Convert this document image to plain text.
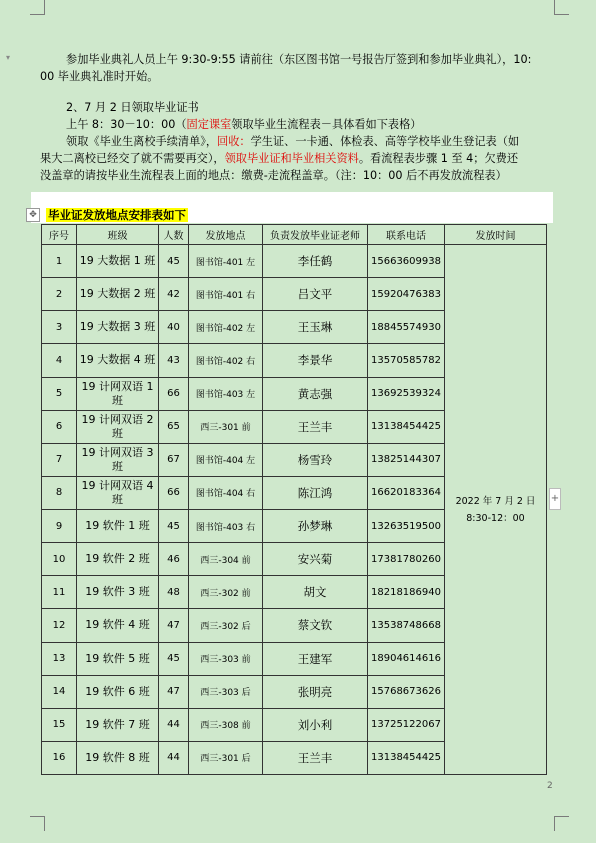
▾	参加毕业典礼人员上午 9:30-9:55 请前往（东区图书馆一号报告厅签到和参加毕业典礼），10:
00 毕业典礼准时开始。
2、7 月 2 日领取毕业证书
上午 8：30－10：00（固定课室领取毕业生流程表－具体看如下表格）
领取《毕业生离校手续清单》，回收：学生证、一卡通、体检表、高等学校毕业生登记表（如
果大二离校已经交了就不需要再交），领取毕业证和毕业相关资料。看流程表步骤 1 至 4；欠费还
没盖章的请按毕业生流程表上面的地点：缴费-走流程盖章。（注：10：00 后不再发放流程表）
✥ 毕业证发放地点安排表如下
序号	班级	人数	发放地点	负责发放毕业证老师	联系电话	发放时间
1	19 大数据 1 班	45	图书馆-401 左	李任鹤	15663609938	2022 年 7 月 2 日
8:30-12：00

2	19 大数据 2 班	42	图书馆-401 右	吕文平	15920476383	
3	19 大数据 3 班	40	图书馆-402 左	王玉琳	18845574930	
4	19 大数据 4 班	43	图书馆-402 右	李景华	13570585782	
5	19 计网双语 1 班	66	图书馆-403 左	黄志强	13692539324	
6	19 计网双语 2 班	65	西三-301 前	王兰丰	13138454425	
7	19 计网双语 3 班	67	图书馆-404 左	杨雪玲	13825144307	
8	19 计网双语 4 班	66	图书馆-404 右	陈江鸿	16620183364	
9	19 软件 1 班	45	图书馆-403 右	孙梦琳	13263519500	
10	19 软件 2 班	46	西三-304 前	安兴菊	17381780260	
11	19 软件 3 班	48	西三-302 前	胡文	18218186940	
12	19 软件 4 班	47	西三-302 后	蔡文钦	13538748668	
13	19 软件 5 班	45	西三-303 前	王建军	18904614616	
14	19 软件 6 班	47	西三-303 后	张明亮	15768673626	
15	19 软件 7 班	44	西三-308 前	刘小利	13725122067	
16	19 软件 8 班	44	西三-301 后	王兰丰	13138454425	
+
2
